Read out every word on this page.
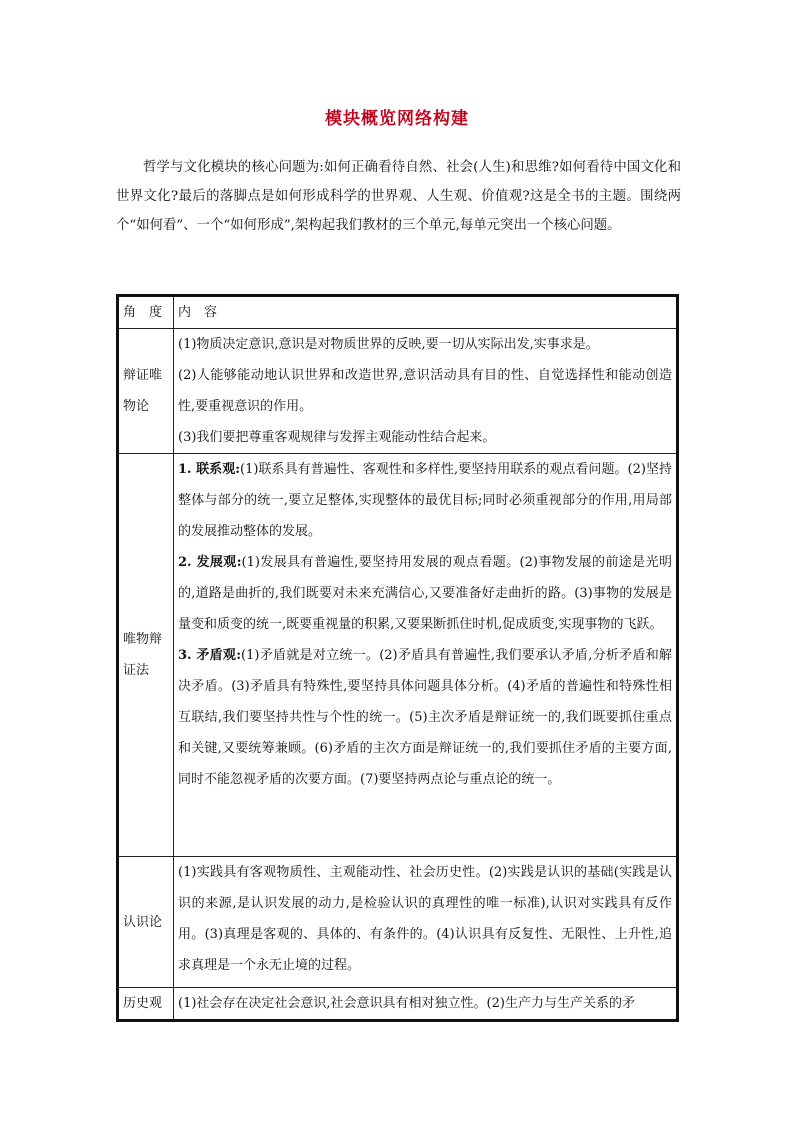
模块概览网络构建

哲学与文化模块的核心问题为:如何正确看待自然、社会(人生)和思维?如何看待中国文化和世界文化?最后的落脚点是如何形成科学的世界观、人生观、价值观?这是全书的主题。围绕两个“如何看”、一个“如何形成”,架构起我们教材的三个单元,每单元突出一个核心问题。

角　度	内　容

辩证唯物论	(1)物质决定意识,意识是对物质世界的反映,要一切从实际出发,实事求是。

(2)人能够能动地认识世界和改造世界,意识活动具有目的性、自觉选择性和能动创造性,要重视意识的作用。

(3)我们要把尊重客观规律与发挥主观能动性结合起来。

唯物辩证法	1. 联系观:(1)联系具有普遍性、客观性和多样性,要坚持用联系的观点看问题。(2)坚持整体与部分的统一,要立足整体,实现整体的最优目标;同时必须重视部分的作用,用局部的发展推动整体的发展。

2. 发展观:(1)发展具有普遍性,要坚持用发展的观点看题。(2)事物发展的前途是光明的,道路是曲折的,我们既要对未来充满信心,又要准备好走曲折的路。(3)事物的发展是量变和质变的统一,既要重视量的积累,又要果断抓住时机,促成质变,实现事物的飞跃。

3. 矛盾观:(1)矛盾就是对立统一。(2)矛盾具有普遍性,我们要承认矛盾,分析矛盾和解决矛盾。(3)矛盾具有特殊性,要坚持具体问题具体分析。(4)矛盾的普遍性和特殊性相互联结,我们要坚持共性与个性的统一。(5)主次矛盾是辩证统一的,我们既要抓住重点和关键,又要统筹兼顾。(6)矛盾的主次方面是辩证统一的,我们要抓住矛盾的主要方面,同时不能忽视矛盾的次要方面。(7)要坚持两点论与重点论的统一。

认识论	(1)实践具有客观物质性、主观能动性、社会历史性。(2)实践是认识的基础(实践是认识的来源,是认识发展的动力,是检验认识的真理性的唯一标准),认识对实践具有反作用。(3)真理是客观的、具体的、有条件的。(4)认识具有反复性、无限性、上升性,追求真理是一个永无止境的过程。

历史观	(1)社会存在决定社会意识,社会意识具有相对独立性。(2)生产力与生产关系的矛
